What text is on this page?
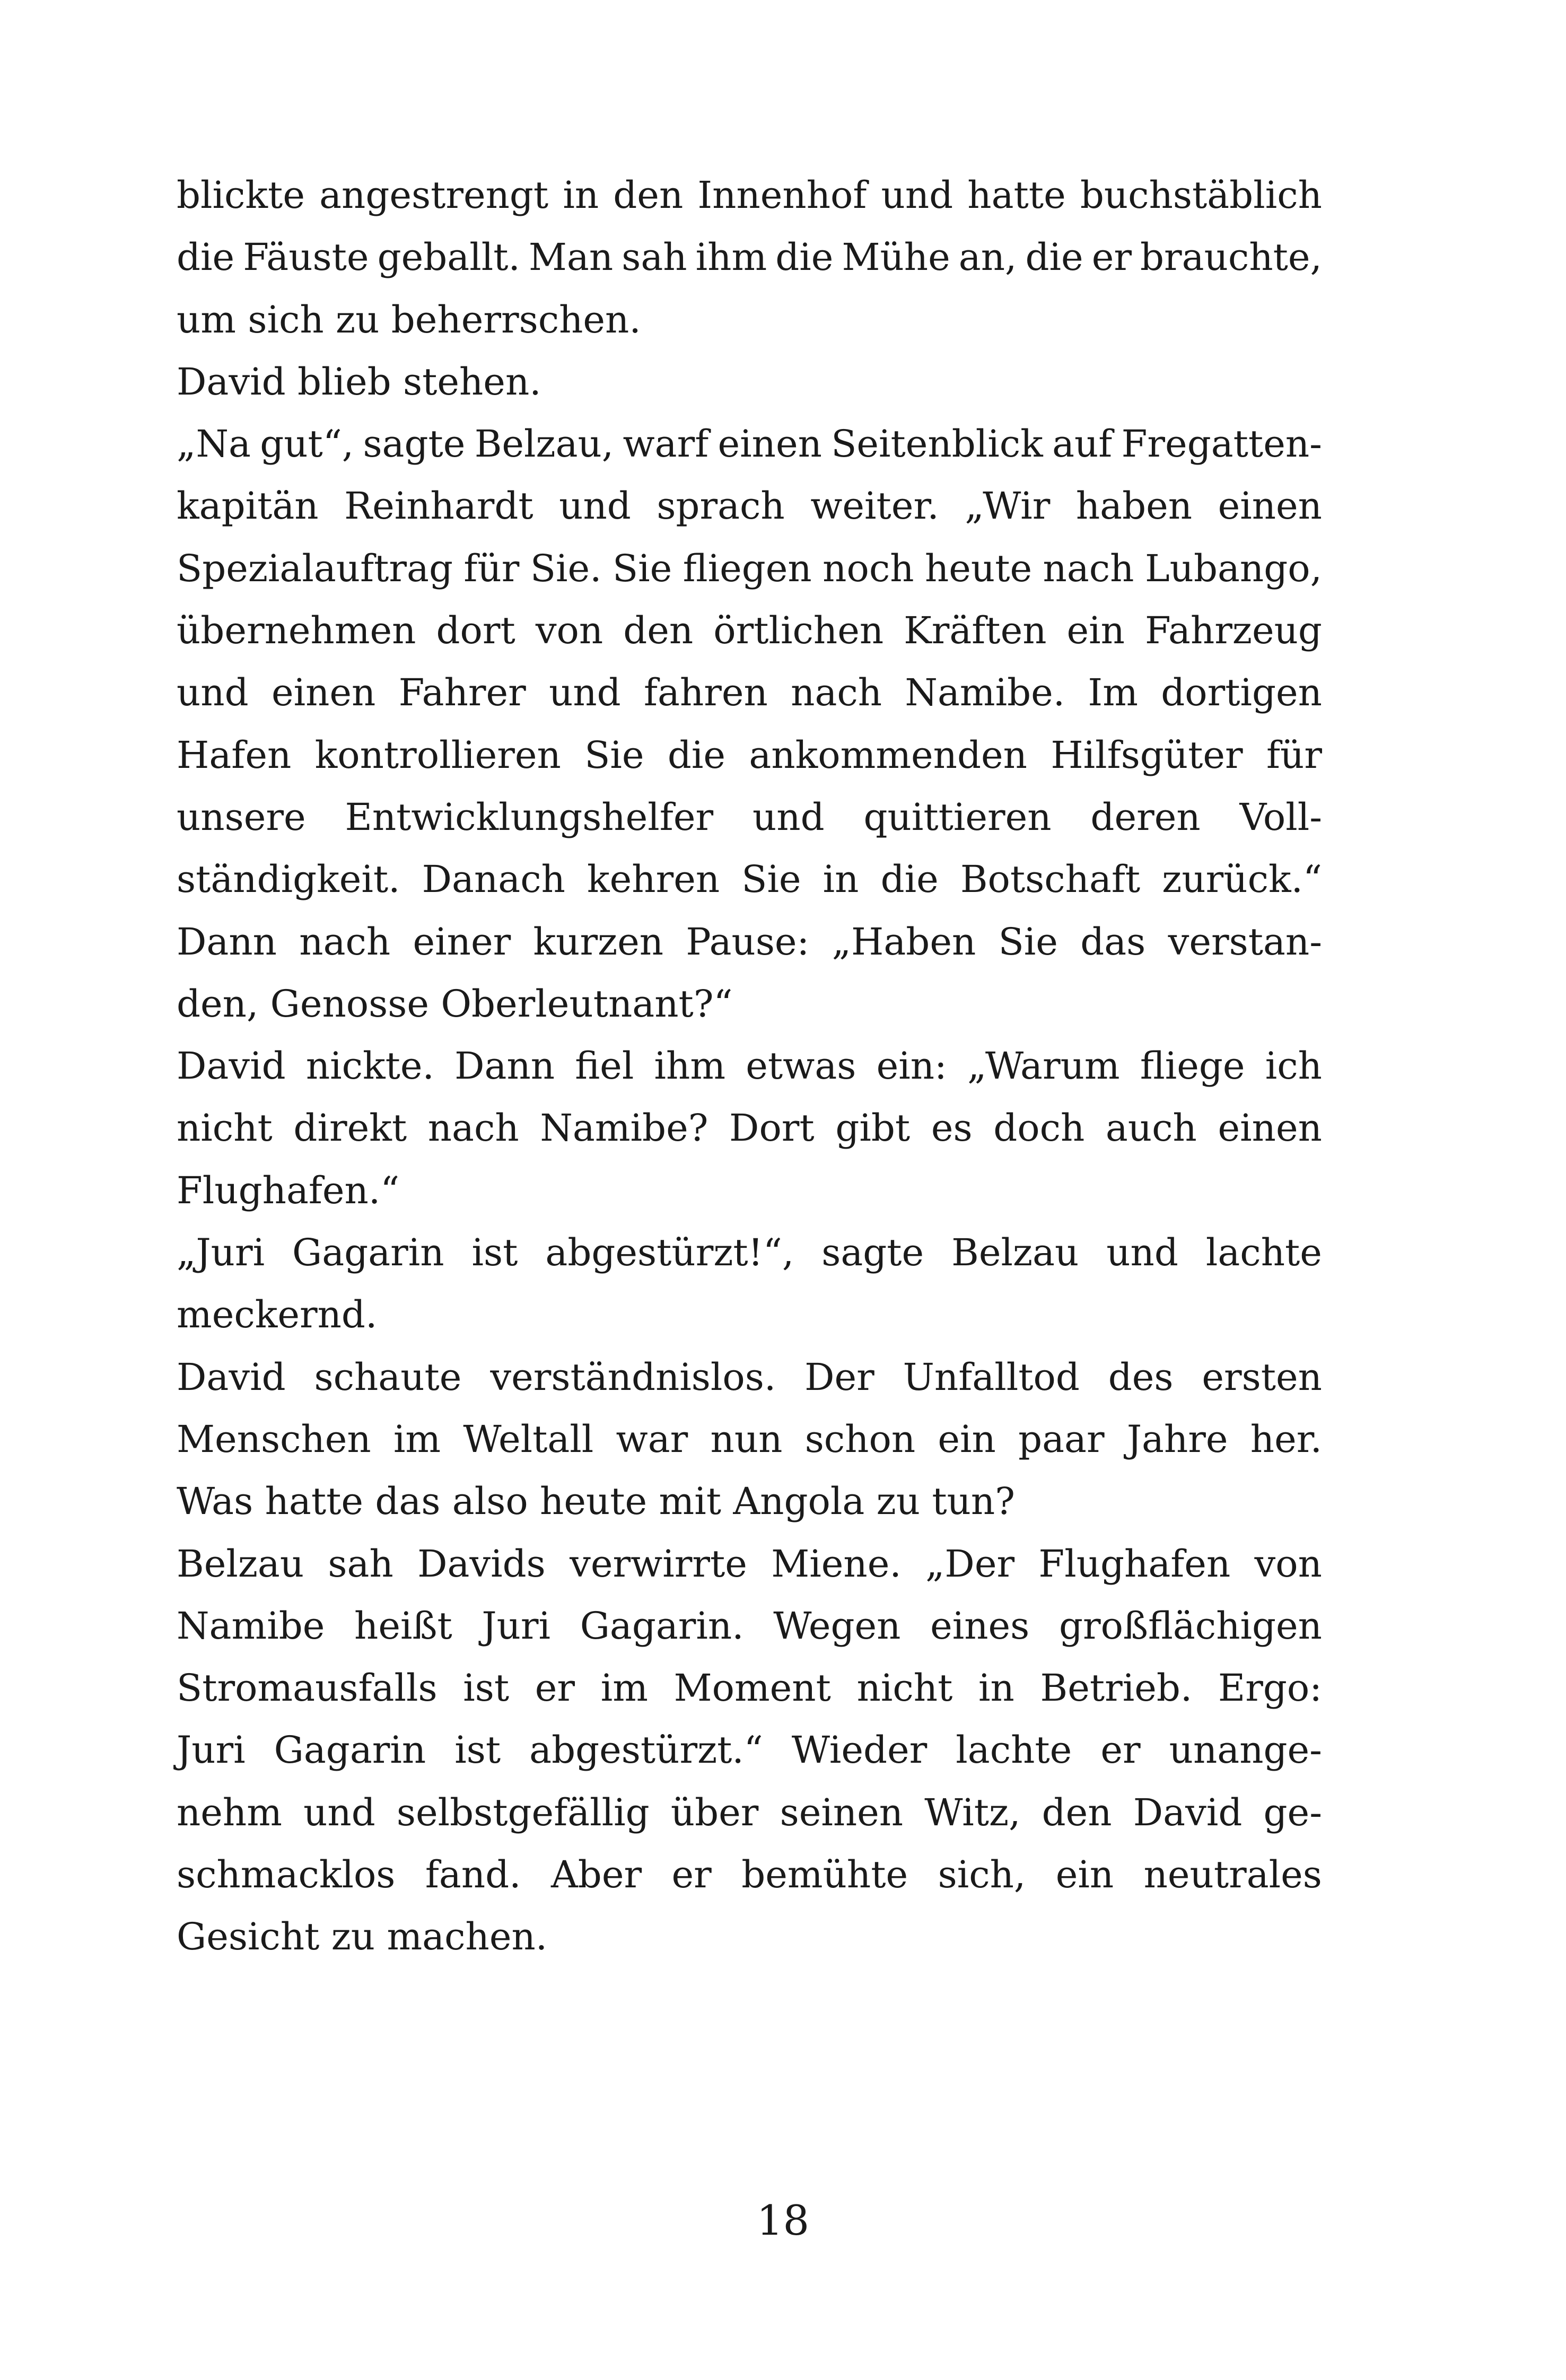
blickte angestrengt in den Innenhof und hatte buchstäblich
die Fäuste geballt. Man sah ihm die Mühe an, die er brauchte,
um sich zu beherrschen.
David blieb stehen.
„Na gut“, sagte Belzau, warf einen Seitenblick auf Fregatten-
kapitän Reinhardt und sprach weiter. „Wir haben einen
Spezialauftrag für Sie. Sie fliegen noch heute nach Lubango,
übernehmen dort von den örtlichen Kräften ein Fahrzeug
und einen Fahrer und fahren nach Namibe. Im dortigen
Hafen kontrollieren Sie die ankommenden Hilfsgüter für
unsere Entwicklungshelfer und quittieren deren Voll-
ständigkeit. Danach kehren Sie in die Botschaft zurück.“
Dann nach einer kurzen Pause: „Haben Sie das verstan-
den, Genosse Oberleutnant?“
David nickte. Dann fiel ihm etwas ein: „Warum fliege ich
nicht direkt nach Namibe? Dort gibt es doch auch einen
Flughafen.“
„Juri Gagarin ist abgestürzt!“, sagte Belzau und lachte
meckernd.
David schaute verständnislos. Der Unfalltod des ersten
Menschen im Weltall war nun schon ein paar Jahre her.
Was hatte das also heute mit Angola zu tun?
Belzau sah Davids verwirrte Miene. „Der Flughafen von
Namibe heißt Juri Gagarin. Wegen eines großflächigen
Stromausfalls ist er im Moment nicht in Betrieb. Ergo:
Juri Gagarin ist abgestürzt.“ Wieder lachte er unange-
nehm und selbstgefällig über seinen Witz, den David ge-
schmacklos fand. Aber er bemühte sich, ein neutrales
Gesicht zu machen.
18
